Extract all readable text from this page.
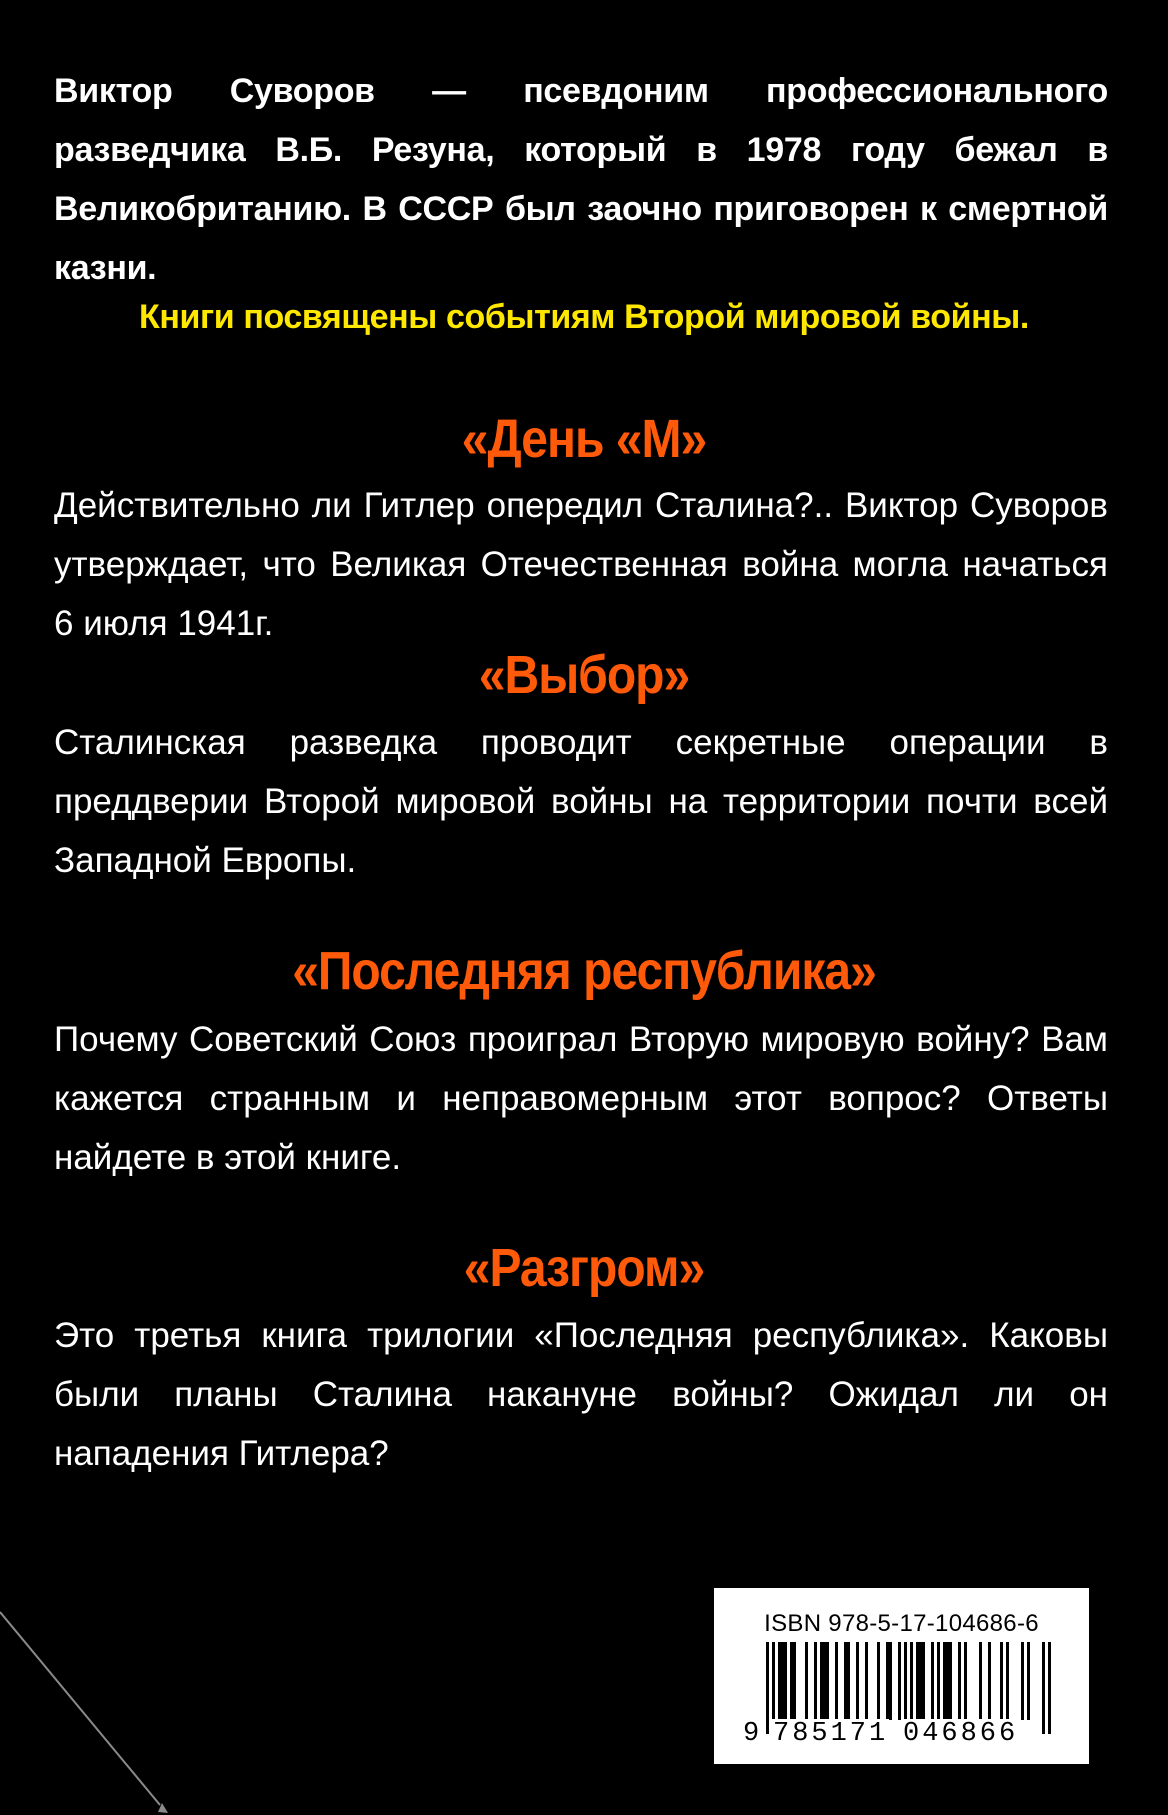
Виктор Суворов — псевдоним профессионального разведчика В.Б. Резуна, который в 1978 году бежал в Великобританию. В СССР был заочно приговорен к смертной казни.
Книги посвящены событиям Второй мировой войны.
«День «М»
Действительно ли Гитлер опередил Сталина?.. Виктор Суворов утверждает, что Великая Отечественная война могла начаться 6 июля 1941г.
«Выбор»
Сталинская разведка проводит секретные операции в преддверии Второй мировой войны на территории почти всей Западной Европы.
«Последняя республика»
Почему Советский Союз проиграл Вторую мировую войну? Вам кажется странным и неправомерным этот вопрос? Ответы найдете в этой книге.
«Разгром»
Это третья книга трилогии «Последняя республика». Каковы были планы Сталина накануне войны? Ожидал ли он нападения Гитлера?
ISBN 978-5-17-104686-6
9 785171 046866
